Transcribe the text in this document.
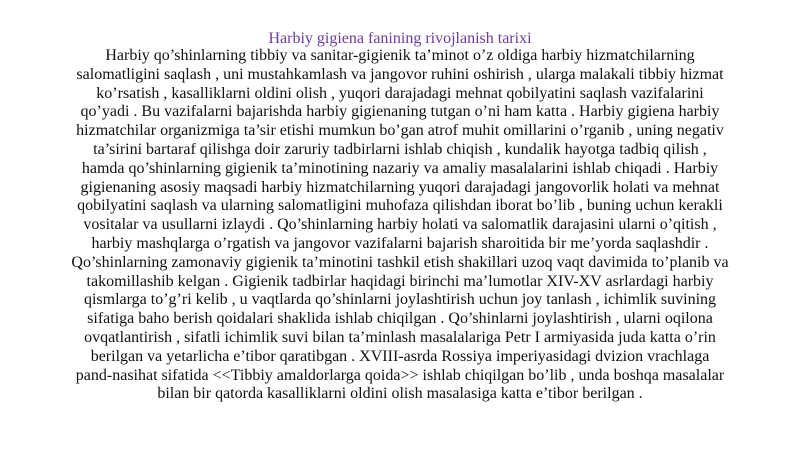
Harbiy gigiena fanining rivojlanish tarixi

Harbiy qo’shinlarning tibbiy va sanitar-gigienik ta’minot o’z oldiga harbiy hizmatchilarning
salomatligini saqlash , uni mustahkamlash va jangovor ruhini oshirish , ularga malakali tibbiy hizmat
ko’rsatish , kasalliklarni oldini olish , yuqori darajadagi mehnat qobilyatini saqlash vazifalarini
qo’yadi . Bu vazifalarni bajarishda harbiy gigienaning tutgan o’ni ham katta . Harbiy gigiena harbiy
hizmatchilar organizmiga ta’sir etishi mumkun bo’gan atrof muhit omillarini o’rganib , uning negativ
ta’sirini bartaraf qilishga doir zaruriy tadbirlarni ishlab chiqish , kundalik hayotga tadbiq qilish ,
hamda qo’shinlarning gigienik ta’minotining nazariy va amaliy masalalarini ishlab chiqadi . Harbiy
gigienaning asosiy maqsadi harbiy hizmatchilarning yuqori darajadagi jangovorlik holati va mehnat
qobilyatini saqlash va ularning salomatligini muhofaza qilishdan iborat bo’lib , buning uchun kerakli
vositalar va usullarni izlaydi . Qo’shinlarning harbiy holati va salomatlik darajasini ularni o’qitish ,
harbiy mashqlarga o’rgatish va jangovor vazifalarni bajarish sharoitida bir me’yorda saqlashdir .
Qo’shinlarning zamonaviy gigienik ta’minotini tashkil etish shakillari uzoq vaqt davimida to’planib va
takomillashib kelgan . Gigienik tadbirlar haqidagi birinchi ma’lumotlar XIV-XV asrlardagi harbiy
qismlarga to’g’ri kelib , u vaqtlarda qo’shinlarni joylashtirish uchun joy tanlash , ichimlik suvining
sifatiga baho berish qoidalari shaklida ishlab chiqilgan . Qo’shinlarni joylashtirish , ularni oqilona
ovqatlantirish , sifatli ichimlik suvi bilan ta’minlash masalalariga Petr I armiyasida juda katta o’rin
berilgan va yetarlicha e’tibor qaratibgan . XVIII-asrda Rossiya imperiyasidagi dvizion vrachlaga
pand-nasihat sifatida <<Tibbiy amaldorlarga qoida>> ishlab chiqilgan bo’lib , unda boshqa masalalar
bilan bir qatorda kasalliklarni oldini olish masalasiga katta e’tibor berilgan .
